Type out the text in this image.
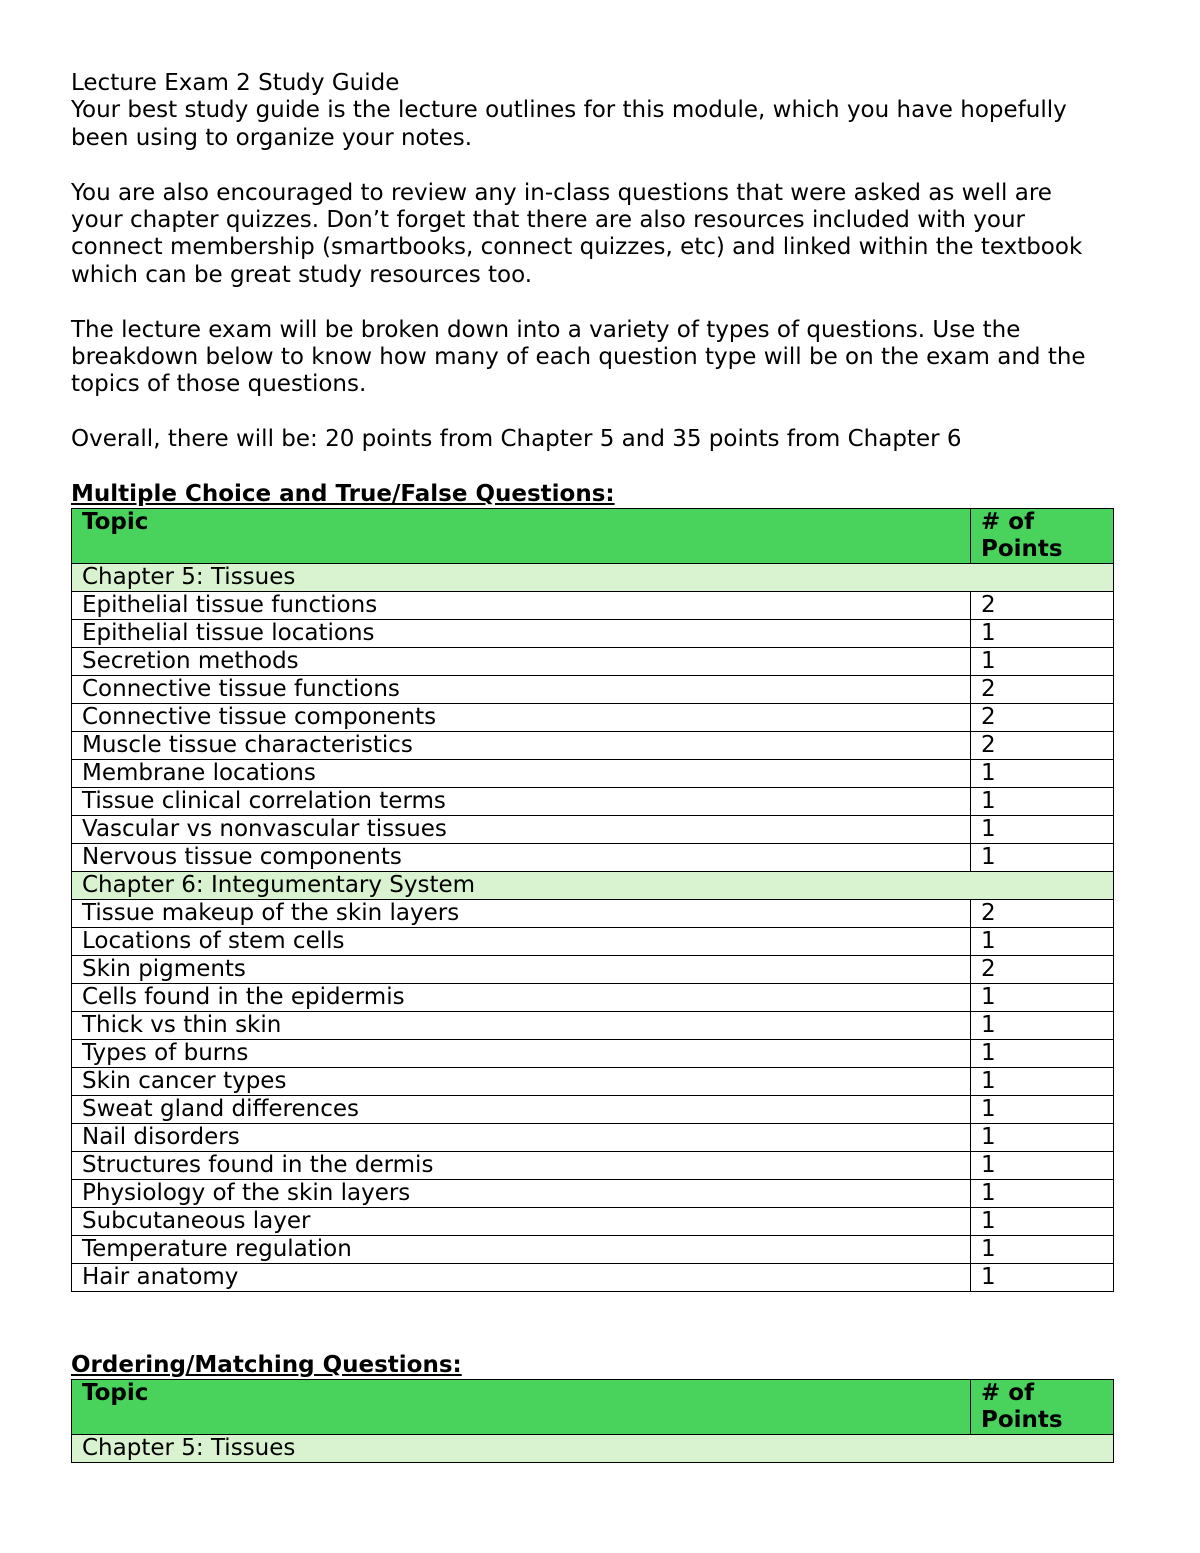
Lecture Exam 2 Study Guide
Your best study guide is the lecture outlines for this module, which you have hopefully
been using to organize your notes.
You are also encouraged to review any in-class questions that were asked as well are
your chapter quizzes. Don’t forget that there are also resources included with your
connect membership (smartbooks, connect quizzes, etc) and linked within the textbook
which can be great study resources too.
The lecture exam will be broken down into a variety of types of questions. Use the
breakdown below to know how many of each question type will be on the exam and the
topics of those questions.
Overall, there will be: 20 points from Chapter 5 and 35 points from Chapter 6
Multiple Choice and True/False Questions:
Topic	# of Points
Chapter 5: Tissues	
Epithelial tissue functions	2
Epithelial tissue locations	1
Secretion methods	1
Connective tissue functions	2
Connective tissue components	2
Muscle tissue characteristics	2
Membrane locations	1
Tissue clinical correlation terms	1
Vascular vs nonvascular tissues	1
Nervous tissue components	1
Chapter 6: Integumentary System	
Tissue makeup of the skin layers	2
Locations of stem cells	1
Skin pigments	2
Cells found in the epidermis	1
Thick vs thin skin	1
Types of burns	1
Skin cancer types	1
Sweat gland differences	1
Nail disorders	1
Structures found in the dermis	1
Physiology of the skin layers	1
Subcutaneous layer	1
Temperature regulation	1
Hair anatomy	1
Ordering/Matching Questions:
Topic	# of Points
Chapter 5: Tissues
